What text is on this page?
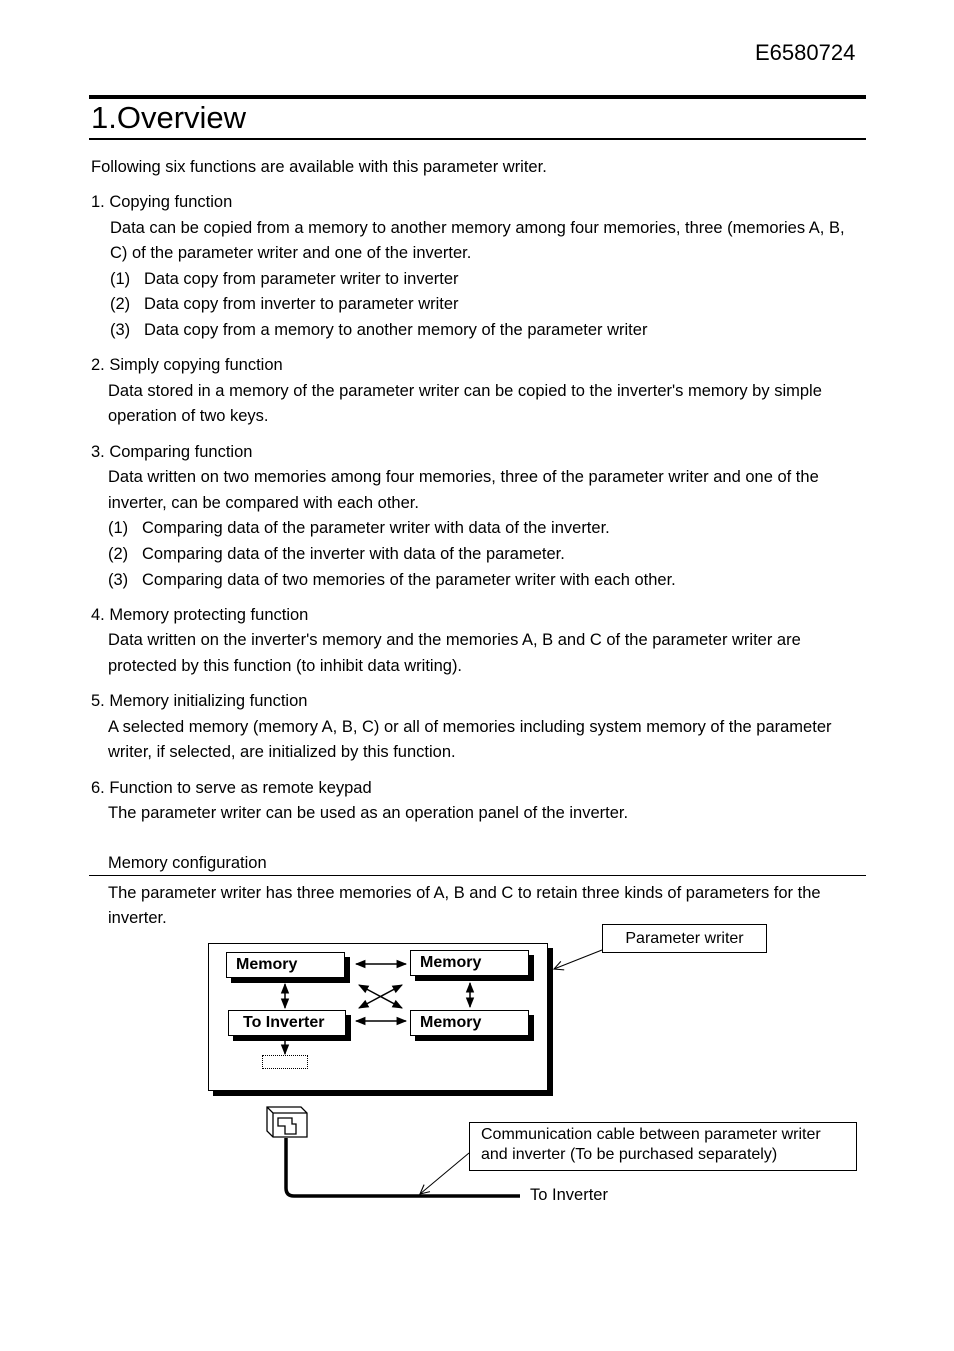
E6580724
1.Overview
Following six functions are available with this parameter writer.
1. Copying function
Data can be copied from a memory to another memory among four memories, three (memories A, B,
C) of the parameter writer and one of the inverter.
(1) Data copy from parameter writer to inverter
(2) Data copy from inverter to parameter writer
(3) Data copy from a memory to another memory of the parameter writer
2. Simply copying function
Data stored in a memory of the parameter writer can be copied to the inverter's memory by simple
operation of two keys.
3. Comparing function
Data written on two memories among four memories, three of the parameter writer and one of the
inverter, can be compared with each other.
(1) Comparing data of the parameter writer with data of the inverter.
(2) Comparing data of the inverter with data of the parameter.
(3) Comparing data of two memories of the parameter writer with each other.
4. Memory protecting function
Data written on the inverter's memory and the memories A, B and C of the parameter writer are
protected by this function (to inhibit data writing).
5. Memory initializing function
A selected memory (memory A, B, C) or all of memories including system memory of the parameter
writer, if selected, are initialized by this function.
6. Function to serve as remote keypad
The parameter writer can be used as an operation panel of the inverter.
Memory configuration
The parameter writer has three memories of A, B and C to retain three kinds of parameters for the
inverter.
Memory	Memory
To Inverter	Memory
Parameter writer
Communication cable between parameter writer
and inverter (To be purchased separately)
To Inverter
